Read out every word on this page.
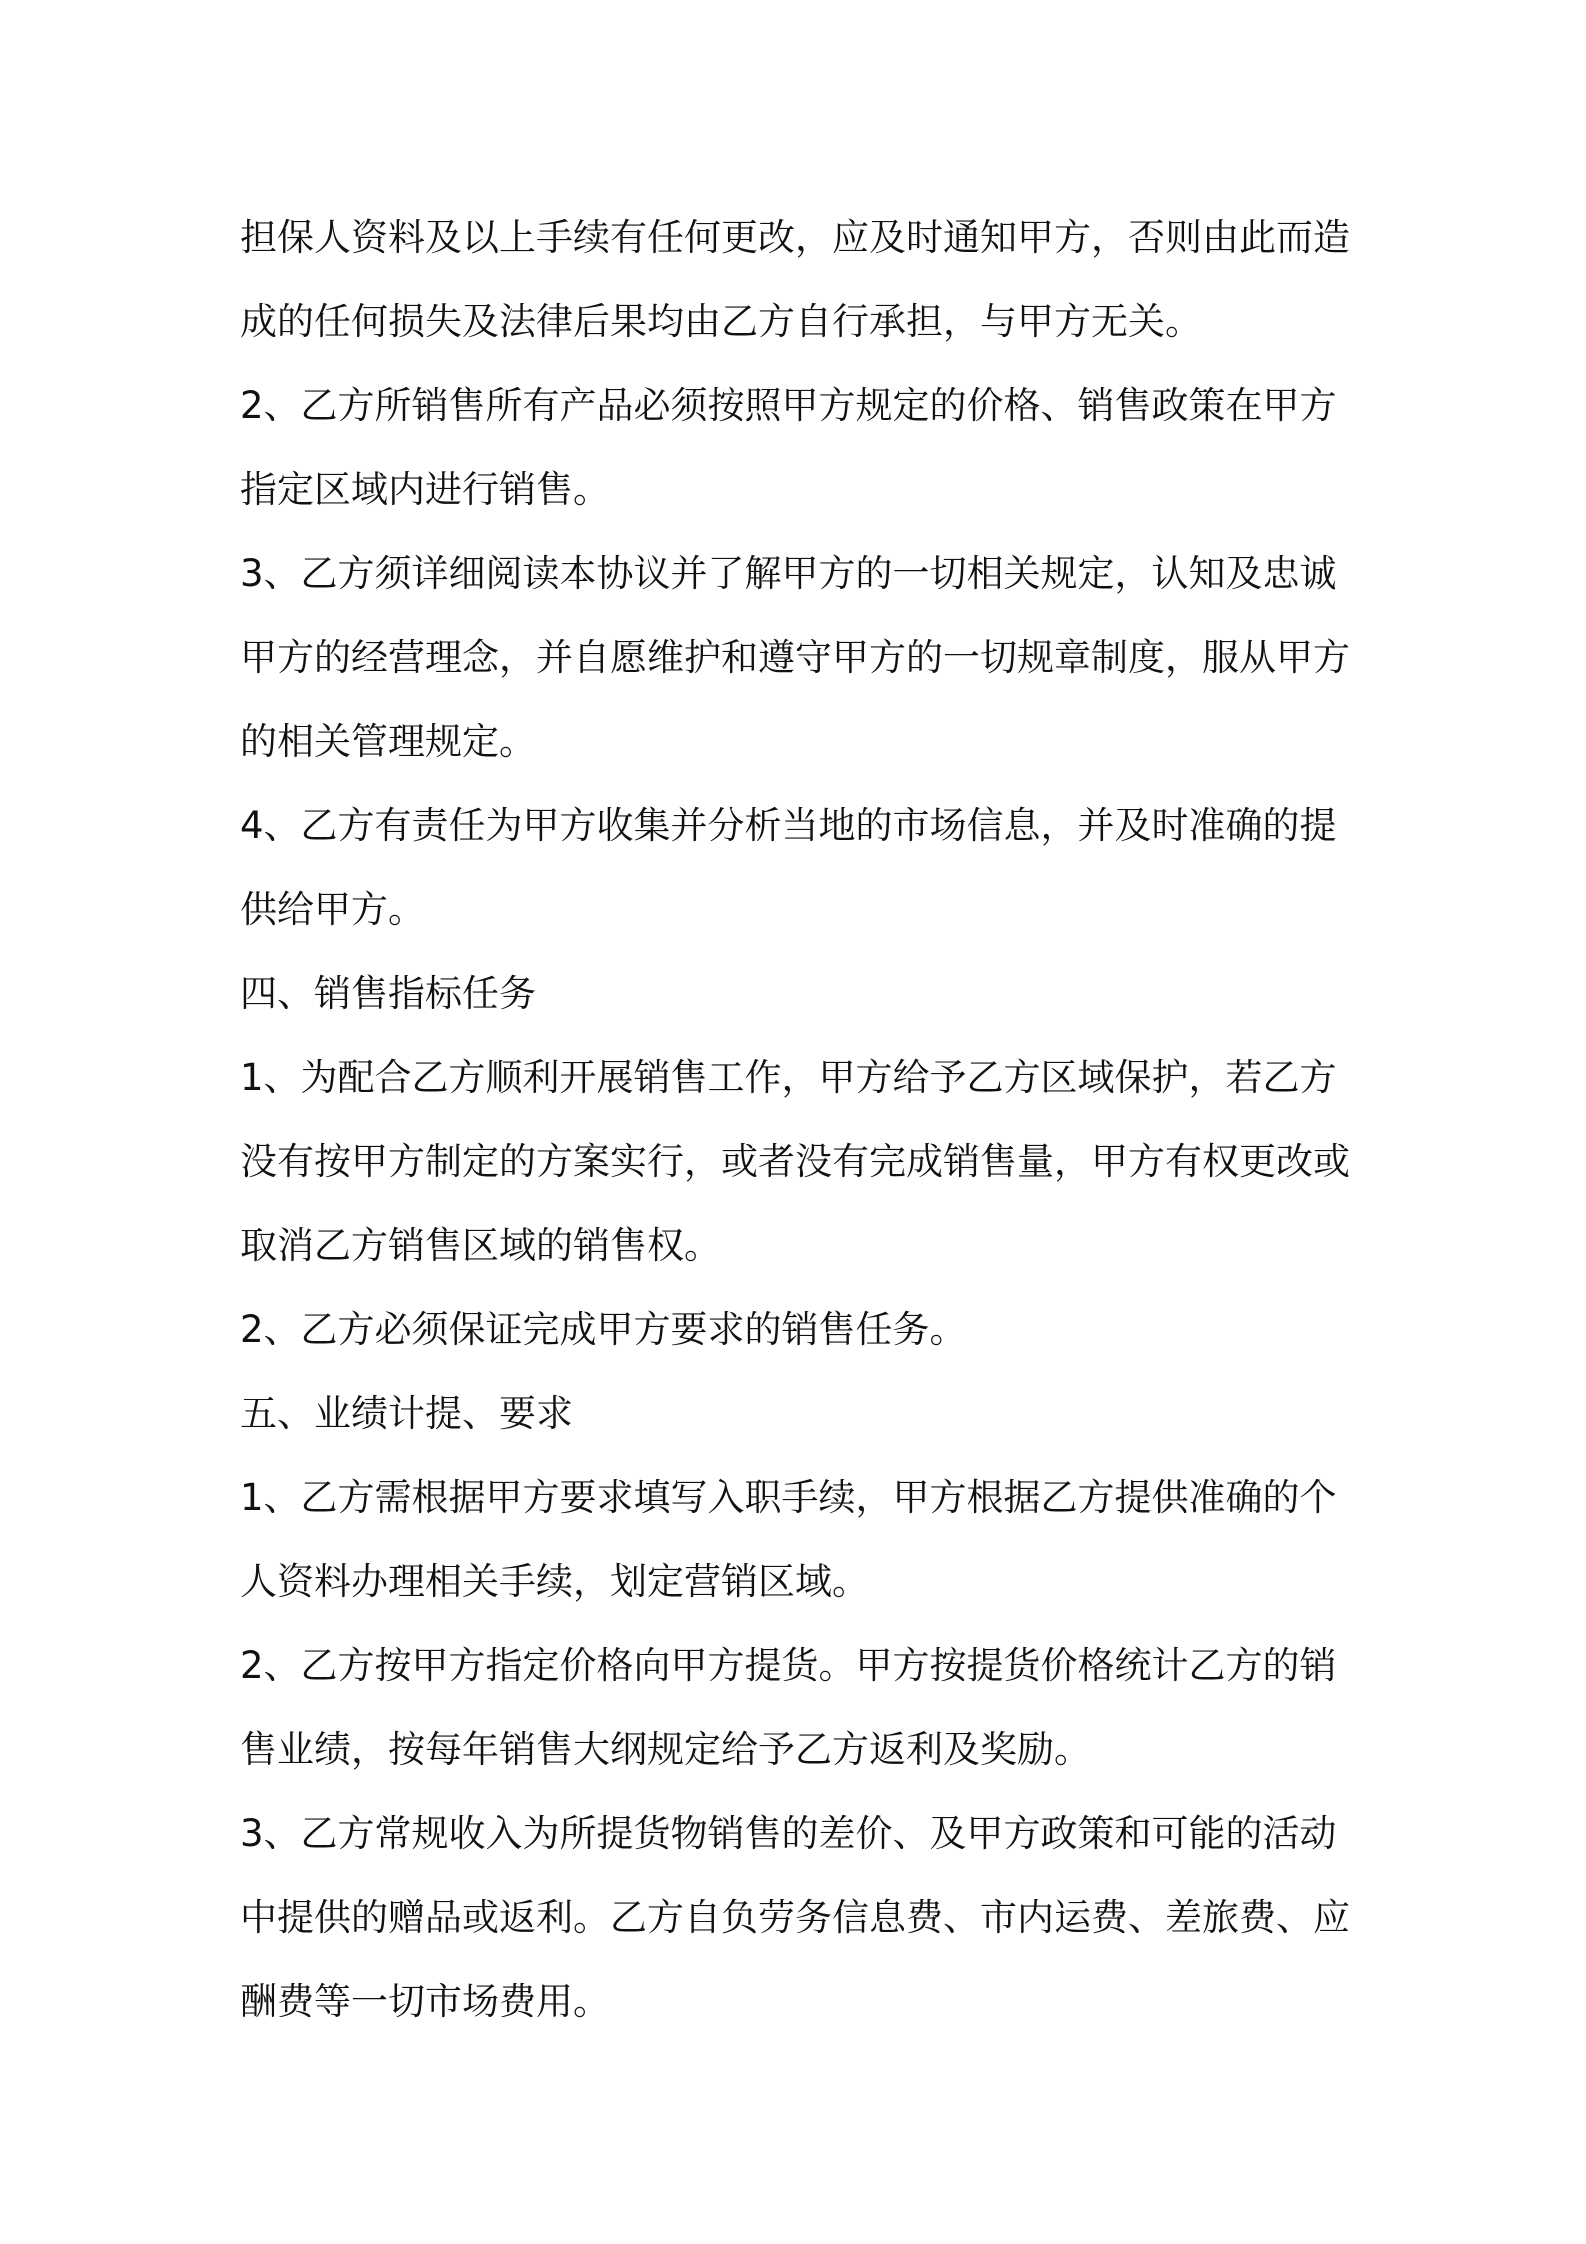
担保人资料及以上手续有任何更改，应及时通知甲方，否则由此而造成的任何损失及法律后果均由乙方自行承担，与甲方无关。

2、乙方所销售所有产品必须按照甲方规定的价格、销售政策在甲方指定区域内进行销售。

3、乙方须详细阅读本协议并了解甲方的一切相关规定，认知及忠诚甲方的经营理念，并自愿维护和遵守甲方的一切规章制度，服从甲方的相关管理规定。

4、乙方有责任为甲方收集并分析当地的市场信息，并及时准确的提供给甲方。

四、销售指标任务

1、为配合乙方顺利开展销售工作，甲方给予乙方区域保护，若乙方没有按甲方制定的方案实行，或者没有完成销售量，甲方有权更改或取消乙方销售区域的销售权。

2、乙方必须保证完成甲方要求的销售任务。

五、业绩计提、要求

1、乙方需根据甲方要求填写入职手续，甲方根据乙方提供准确的个人资料办理相关手续，划定营销区域。

2、乙方按甲方指定价格向甲方提货。甲方按提货价格统计乙方的销售业绩，按每年销售大纲规定给予乙方返利及奖励。

3、乙方常规收入为所提货物销售的差价、及甲方政策和可能的活动中提供的赠品或返利。乙方自负劳务信息费、市内运费、差旅费、应酬费等一切市场费用。
